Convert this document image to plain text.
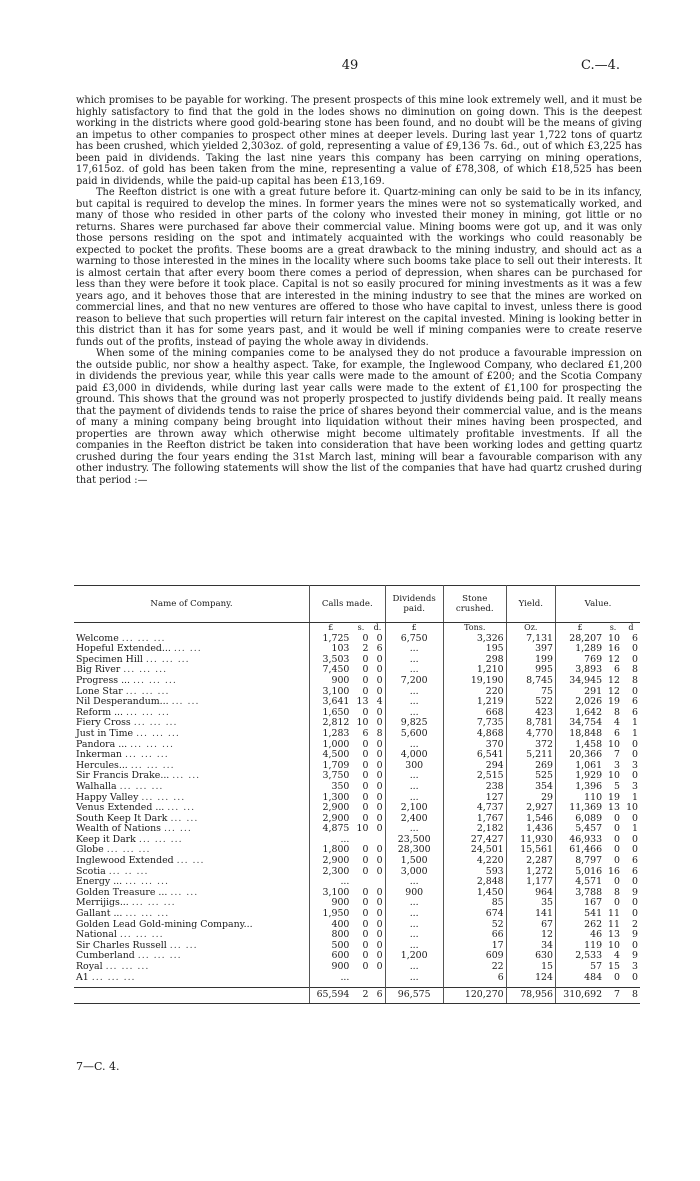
49	C.—4.

which promises to be payable for working. The present prospects of this mine look extremely well, and it must be highly satisfactory to find that the gold in the lodes shows no diminution on going down. This is the deepest working in the districts where good gold-bearing stone has been found, and no doubt will be the means of giving an impetus to other companies to prospect other mines at deeper levels. During last year 1,722 tons of quartz has been crushed, which yielded 2,303oz. of gold, representing a value of £9,136 7s. 6d., out of which £3,225 has been paid in dividends. Taking the last nine years this company has been carrying on mining operations, 17,615oz. of gold has been taken from the mine, representing a value of £78,308, of which £18,525 has been paid in dividends, while the paid-up capital has been £13,169.

The Reefton district is one with a great future before it. Quartz-mining can only be said to be in its infancy, but capital is required to develop the mines. In former years the mines were not so systematically worked, and many of those who resided in other parts of the colony who invested their money in mining, got little or no returns. Shares were purchased far above their commercial value. Mining booms were got up, and it was only those persons residing on the spot and intimately acquainted with the workings who could reasonably be expected to pocket the profits. These booms are a great drawback to the mining industry, and should act as a warning to those interested in the mines in the locality where such booms take place to sell out their interests. It is almost certain that after every boom there comes a period of depression, when shares can be purchased for less than they were before it took place. Capital is not so easily procured for mining investments as it was a few years ago, and it behoves those that are interested in the mining industry to see that the mines are worked on commercial lines, and that no new ventures are offered to those who have capital to invest, unless there is good reason to believe that such properties will return fair interest on the capital invested. Mining is looking better in this district than it has for some years past, and it would be well if mining companies were to create reserve funds out of the profits, instead of paying the whole away in dividends.

When some of the mining companies come to be analysed they do not produce a favourable impression on the outside public, nor show a healthy aspect. Take, for example, the Inglewood Company, who declared £1,200 in dividends the previous year, while this year calls were made to the amount of £200; and the Scotia Company paid £3,000 in dividends, while during last year calls were made to the extent of £1,100 for prospecting the ground. This shows that the ground was not properly prospected to justify dividends being paid. It really means that the payment of dividends tends to raise the price of shares beyond their commercial value, and is the means of many a mining company being brought into liquidation without their mines having been prospected, and properties are thrown away which otherwise might become ultimately profitable investments. If all the companies in the Reefton district be taken into consideration that have been working lodes and getting quartz crushed during the four years ending the 31st March last, mining will bear a favourable comparison with any other industry. The following statements will show the list of the companies that have had quartz crushed during that period :—

Name of Company.	Calls made.			Dividends paid.	Stone crushed.	Yield.	Value.		
	£	s.	d.	£	Tons.	Oz.	£	s.	d

Welcome ... ... ...	1,725	0	0	6,750	3,326	7,131	28,207	10	6

Hopeful Extended... ... ...	103	2	6	...	195	397	1,289	16	0

Specimen Hill ... ... ...	3,503	0	0	...	298	199	769	12	0

Big River ... ... ...	7,450	0	0	...	1,210	995	3,893	6	8

Progress ... ... ... ...	900	0	0	7,200	19,190	8,745	34,945	12	8

Lone Star ... ... ...	3,100	0	0	...	220	75	291	12	0

Nil Desperandum... ... ...	3,641	13	4	...	1,219	522	2,026	19	6

Reform ... ... ... ...	1,650	0	0	...	668	423	1,642	8	6

Fiery Cross ... ... ...	2,812	10	0	9,825	7,735	8,781	34,754	4	1

Just in Time ... ... ...	1,283	6	8	5,600	4,868	4,770	18,848	6	1

Pandora ... ... ... ...	1,000	0	0	...	370	372	1,458	10	0

Inkerman ... ... ...	4,500	0	0	4,000	6,541	5,211	20,366	7	0

Hercules... ... ... ...	1,709	0	0	300	294	269	1,061	3	3

Sir Francis Drake... ... ...	3,750	0	0	...	2,515	525	1,929	10	0

Walhalla ... ... ...	350	0	0	...	238	354	1,396	5	3

Happy Valley ... ... ...	1,300	0	0	...	127	29	110	19	1

Venus Extended ... ... ...	2,900	0	0	2,100	4,737	2,927	11,369	13	10

South Keep It Dark ... ...	2,900	0	0	2,400	1,767	1,546	6,089	0	0

Wealth of Nations ... ...	4,875	10	0	...	2,182	1,436	5,457	0	1

Keep it Dark ... ... ...	...			23,500	27,427	11,930	46,933	0	0

Globe ... ... ...	1,800	0	0	28,300	24,501	15,561	61,466	0	0

Inglewood Extended ... ...	2,900	0	0	1,500	4,220	2,287	8,797	0	6

Scotia ... .. ...	2,300	0	0	3,000	593	1,272	5,016	16	6

Energy ... ... ... ...	...			...	2,848	1,177	4,571	0	0

Golden Treasure ... ... ...	3,100	0	0	900	1,450	964	3,788	8	9

Merrijigs... ... ... ...	900	0	0	...	85	35	167	0	0

Gallant ... ... ... ...	1,950	0	0	...	674	141	541	11	0

Golden Lead Gold-mining Company...	400	0	0	...	52	67	262	11	2

National ... ... ...	800	0	0	...	66	12	46	13	9

Sir Charles Russell ... ...	500	0	0	...	17	34	119	10	0

Cumberland ... ... ...	600	0	0	1,200	609	630	2,533	4	9

Royal ... ... ...	900	0	0	...	22	15	57	15	3

A1 ... ... ...	...			...	6	124	484	0	0

	65,594	2	6	96,575	120,270	78,956	310,692	7	8
7—C. 4.
